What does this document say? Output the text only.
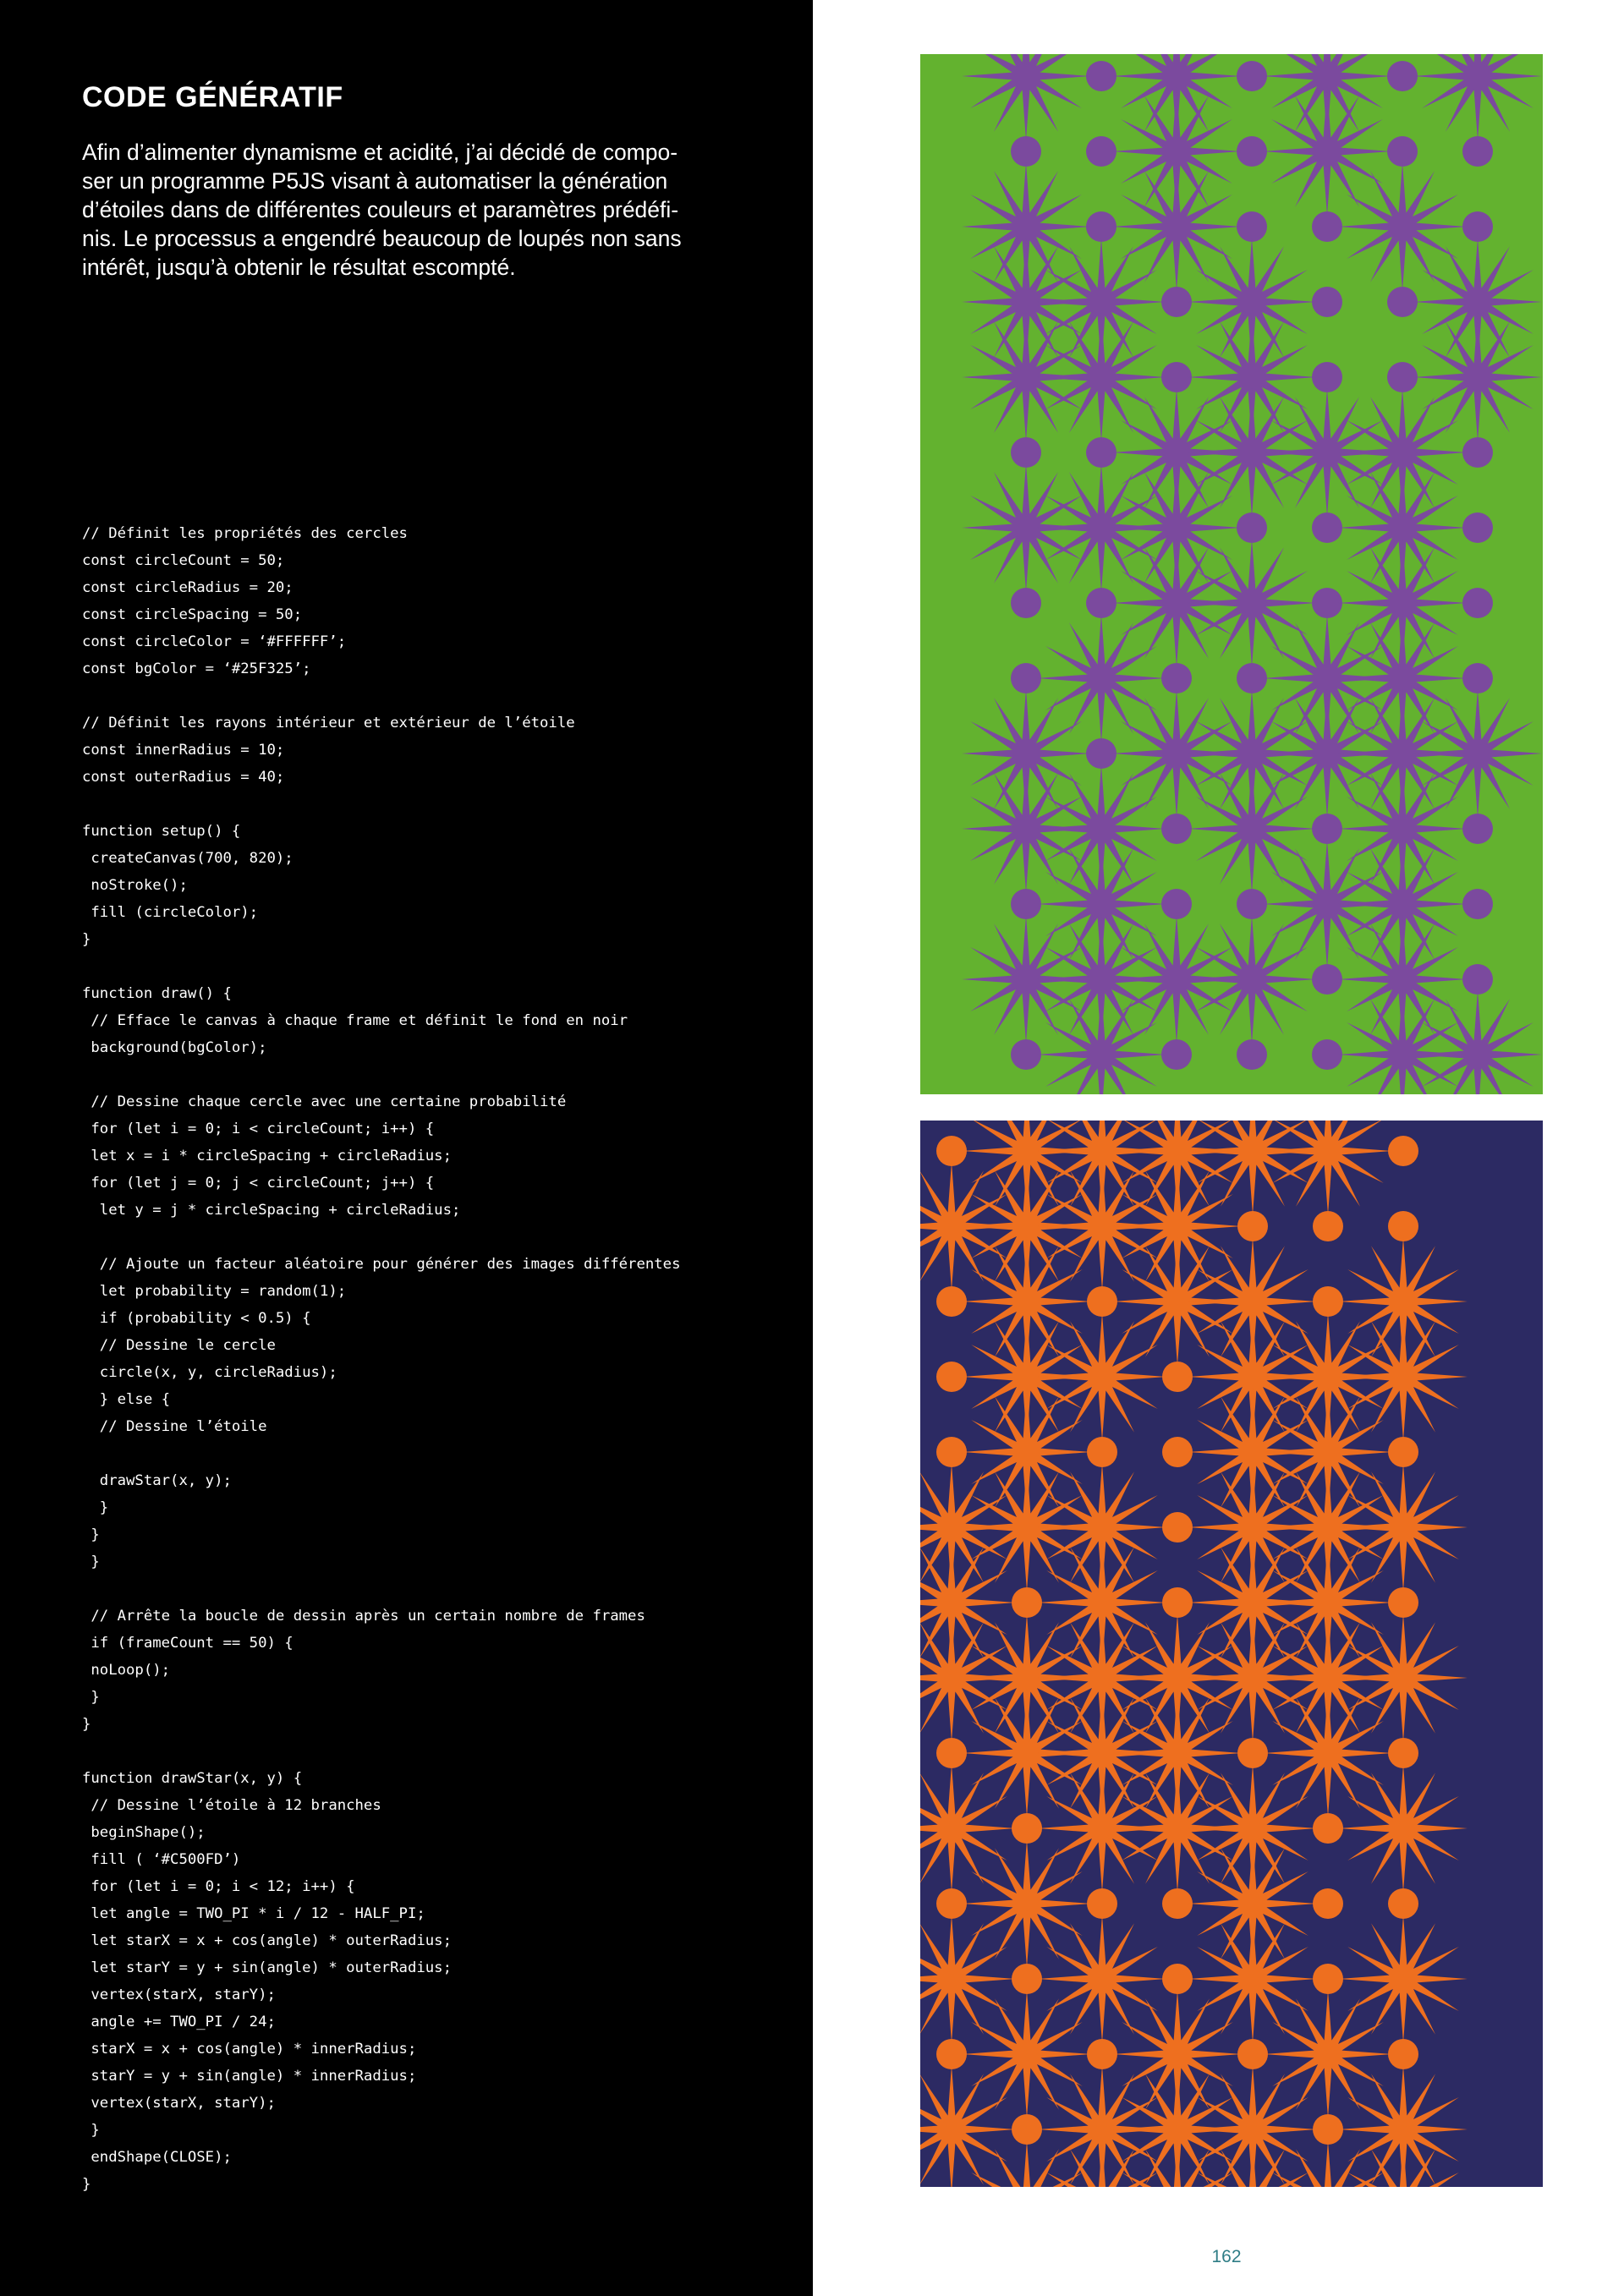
CODE GÉNÉRATIF
Afin d’alimenter dynamisme et acidité, j’ai décidé de compo-
ser un programme P5JS visant à automatiser la génération
d’étoiles dans de différentes couleurs et paramètres prédéfi-
nis. Le processus a engendré beaucoup de loupés non sans
intérêt, jusqu’à obtenir le résultat escompté.
// Définit les propriétés des cercles
const circleCount = 50;
const circleRadius = 20;
const circleSpacing = 50;
const circleColor = ‘#FFFFFF’;
const bgColor = ‘#25F325’;
// Définit les rayons intérieur et extérieur de l’étoile
const innerRadius = 10;
const outerRadius = 40;
function setup() {
createCanvas(700, 820);
noStroke();
fill (circleColor);
}
function draw() {
// Efface le canvas à chaque frame et définit le fond en noir
background(bgColor);
// Dessine chaque cercle avec une certaine probabilité
for (let i = 0; i < circleCount; i++) {
let x = i * circleSpacing + circleRadius;
for (let j = 0; j < circleCount; j++) {
let y = j * circleSpacing + circleRadius;
// Ajoute un facteur aléatoire pour générer des images différentes
let probability = random(1);
if (probability < 0.5) {
// Dessine le cercle
circle(x, y, circleRadius);
} else {
// Dessine l’étoile
drawStar(x, y);
}
}
}
// Arrête la boucle de dessin après un certain nombre de frames
if (frameCount == 50) {
noLoop();
}
}
function drawStar(x, y) {
// Dessine l’étoile à 12 branches
beginShape();
fill ( ‘#C500FD’)
for (let i = 0; i < 12; i++) {
let angle = TWO_PI * i / 12 - HALF_PI;
let starX = x + cos(angle) * outerRadius;
let starY = y + sin(angle) * outerRadius;
vertex(starX, starY);
angle += TWO_PI / 24;
starX = x + cos(angle) * innerRadius;
starY = y + sin(angle) * innerRadius;
vertex(starX, starY);
}
endShape(CLOSE);
}
162
